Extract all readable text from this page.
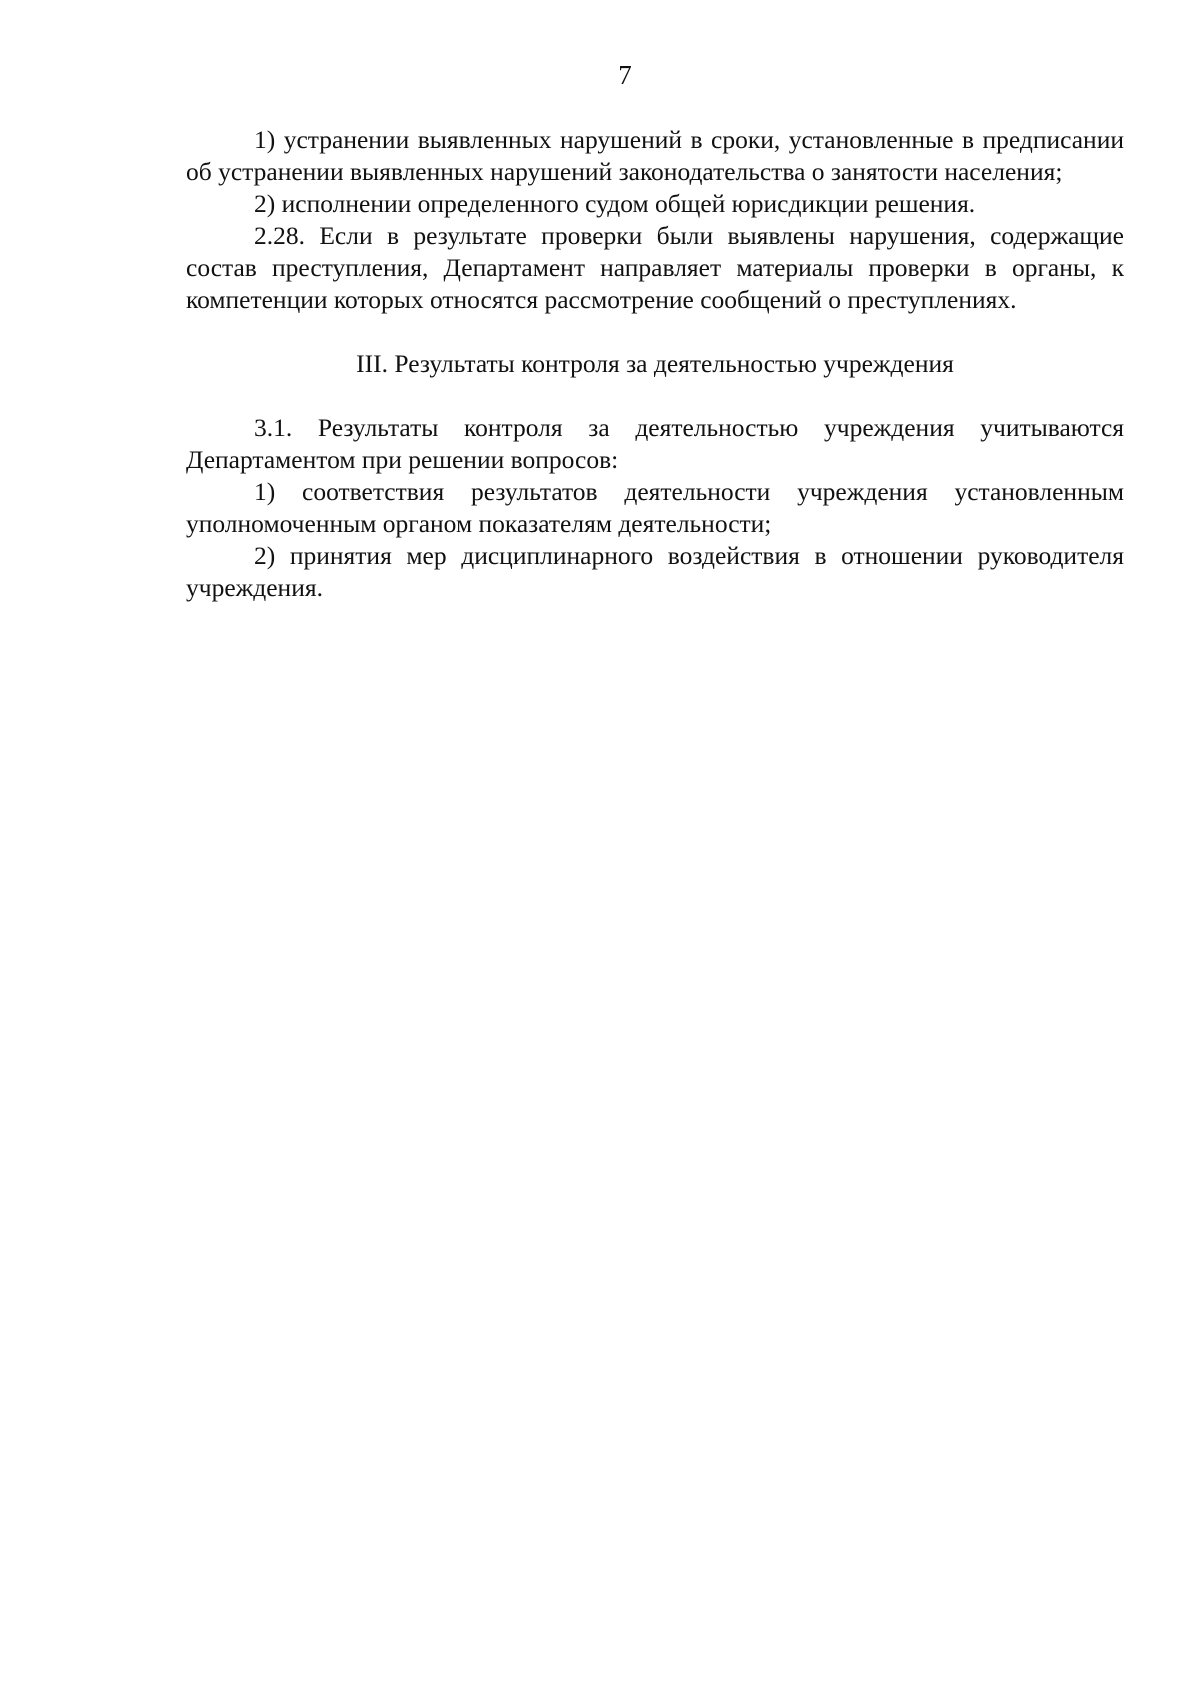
7

1) устранении выявленных нарушений в сроки, установленные в предписании об устранении выявленных нарушений законодательства о занятости населения;

2) исполнении определенного судом общей юрисдикции решения.

2.28. Если в результате проверки были выявлены нарушения, содержащие состав преступления, Департамент направляет материалы проверки в органы, к компетенции которых относятся рассмотрение сообщений о преступлениях.

III. Результаты контроля за деятельностью учреждения

3.1. Результаты контроля за деятельностью учреждения учитываются Департаментом при решении вопросов:

1) соответствия результатов деятельности учреждения установленным уполномоченным органом показателям деятельности;

2) принятия мер дисциплинарного воздействия в отношении руководителя учреждения.
